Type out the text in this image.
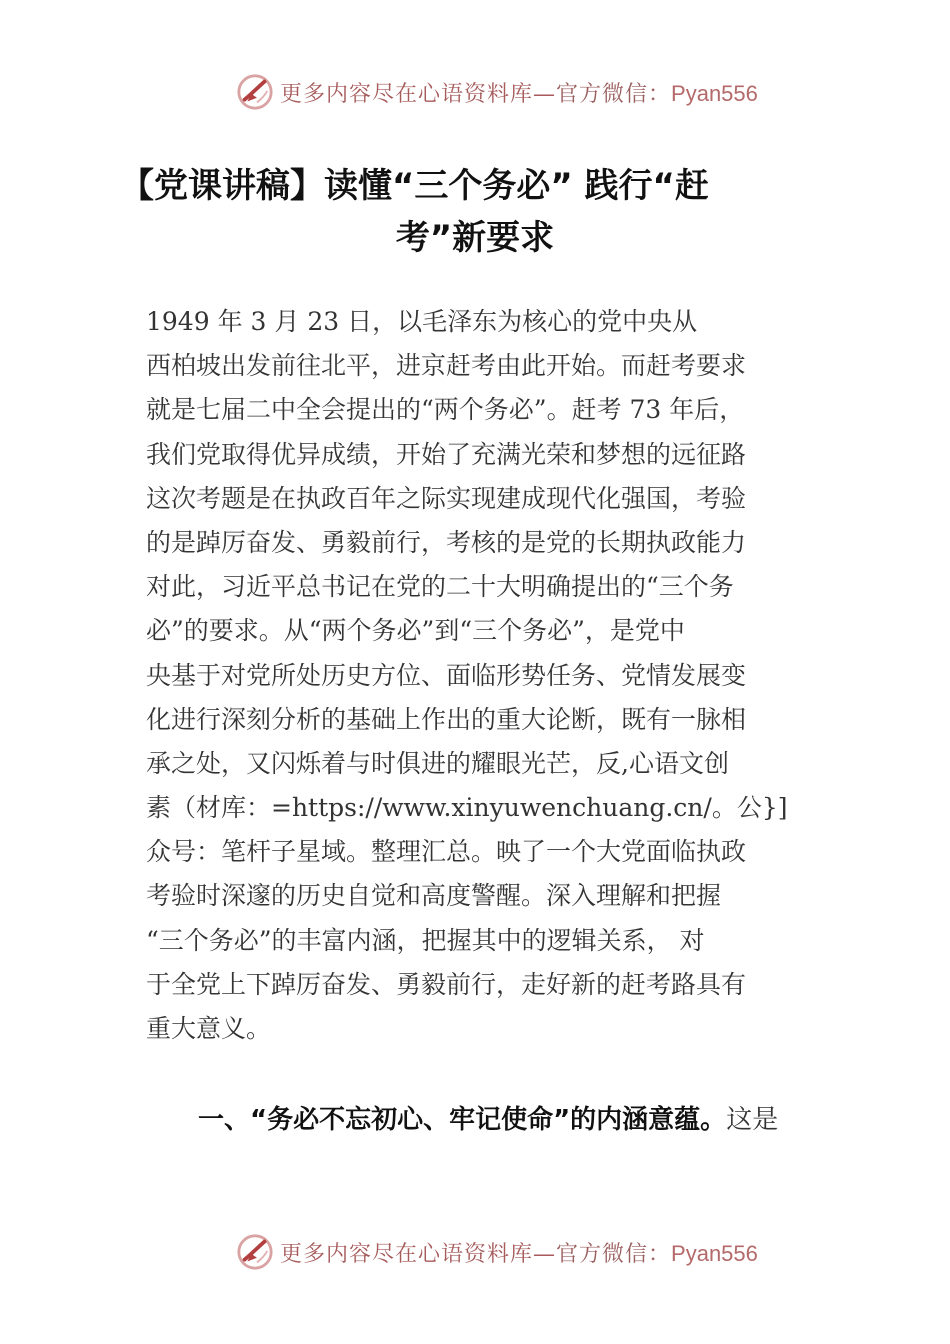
更多内容尽在心语资料库—官方微信：Pyan556
【党课讲稿】读懂“三个务必” 践行“赶
考”新要求
1949 年 3 月 23 日，以毛泽东为核心的党中央从
西柏坡出发前往北平，进京赶考由此开始。而赶考要求
就是七届二中全会提出的“两个务必”。赶考 73 年后，
我们党取得优异成绩，开始了充满光荣和梦想的远征路
这次考题是在执政百年之际实现建成现代化强国，考验
的是踔厉奋发、勇毅前行，考核的是党的长期执政能力
对此，习近平总书记在党的二十大明确提出的“三个务
必”的要求。从“两个务必”到“三个务必”，是党中
央基于对党所处历史方位、面临形势任务、党情发展变
化进行深刻分析的基础上作出的重大论断，既有一脉相
承之处，又闪烁着与时俱进的耀眼光芒，反,心语文创
素（材库：=https://www.xinyuwenchuang.cn/。公}]
众号：笔杆子星域。整理汇总。映了一个大党面临执政
考验时深邃的历史自觉和高度警醒。深入理解和把握
“三个务必”的丰富内涵，把握其中的逻辑关系， 对
于全党上下踔厉奋发、勇毅前行，走好新的赶考路具有
重大意义。
一、“务必不忘初心、牢记使命”的内涵意蕴。这是
更多内容尽在心语资料库—官方微信：Pyan556
